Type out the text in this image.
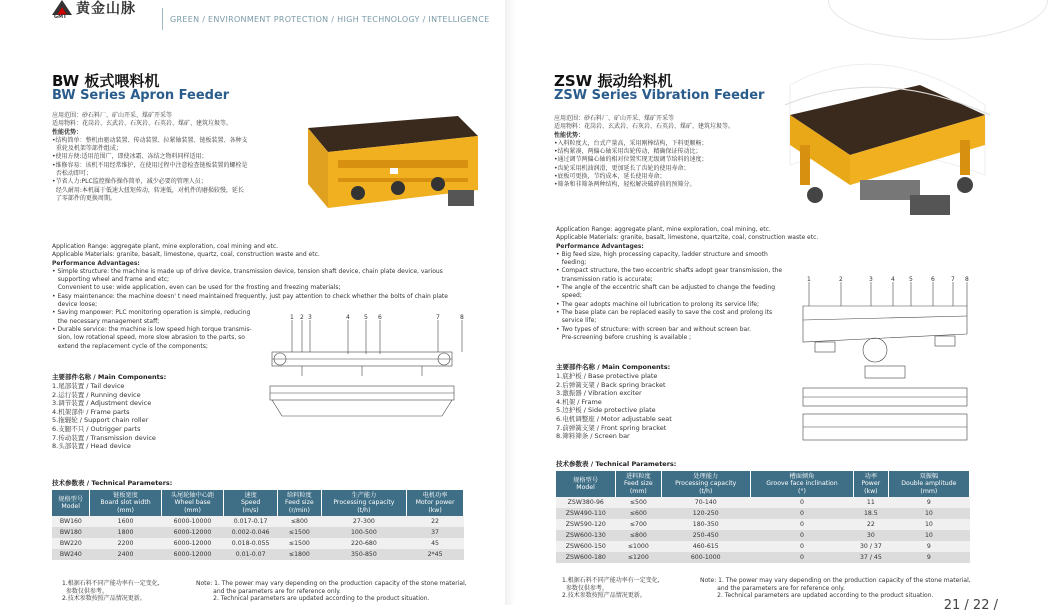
黄金山脉
GMT	GREEN / ENVIRONMENT PROTECTION / HIGH TECHNOLOGY / INTELLIGENCE
BW 板式喂料机
BW Series Apron Feeder
应用范围：砂石料厂、矿山开采、煤矿开采等
适用物料：花岗岩、玄武岩、石灰岩、石英岩、煤矿、建筑垃圾等。
性能优势：
•结构简单：整机由驱动装置、传动装置、拉紧轴装置、链板装置、各种支
重轮及机架等部件组成；
•使用方便:适用范围广，即使冰霜、冻结之物料同样适用；
•维修容易：该机不用经常维护，在使用过程中注意检查链板装置的螺栓是
否松动即可；
•节省人力:PLC监控操作操作简单，减少必要的管理人员；
经久耐用:本机属于低速大扭矩传动，转速低，对机件的磨损较慢，延长
了零部件的更换周期。
Application Range: aggregate plant, mine exploration, coal mining and etc.
Applicable Materials: granite, basalt, limestone, quartz, coal, construction waste and etc.
Performance Advantages:
• Simple structure: the machine is made up of drive device, transmission device, tension shaft device, chain plate device, various
supporting wheel and frame and etc;
Convenient to use: wide application, even can be used for the frosting and freezing materials;
• Easy maintenance: the machine doesn' t need maintained frequently, just pay attention to check whether the bolts of chain plate
device loose;
• Saving manpower: PLC monitoring operation is simple, reducing
the necessary management staff;
• Durable service: the machine is low speed high torque transmis-
sion, low rotational speed, more slow abrasion to the parts, so
extend the replacement cycle of the components;
1 2 3	4 5 6	7	8
主要部件名称 / Main Components:
1.尾部装置 / Tail device
2.运行装置 / Running device
3.调节装置 / Adjustment device
4.机架部件 / Frame parts
5.拖辊轮 / Support chain roller
6.支腿不只 / Outrigger parts
7.传动装置 / Transmission device
8.头部装置 / Head device
技术参数表 / Technical Parameters:
规格型号
Model	链板宽度
Board slot width
(mm)	头尾轮轴中心距
Wheel base
(mm)	速度
Speed
(m/s)	给料粒度
Feed size
(r/min)	生产能力
Processing capacity
(t/h)	电机功率
Motor power
(kw)
BW160	1600	6000-10000	0.017-0.17	≤800	27-300	22
BW180	1800	6000-12000	0.002-0.046	≤1500	100-500	37
BW220	2200	6000-12000	0.018-0.055	≤1500	220-680	45
BW240	2400	6000-12000	0.01-0.07	≤1800	350-850	2*45
1.根据石料不同产能功率有一定变化,
参数仅供参考。
2.技术参数按照产品情况更新。
Note: 1. The power may vary depending on the production capacity of the stone material,
and the parameters are for reference only.
2. Technical parameters are updated according to the product situation.
ZSW 振动给料机
ZSW Series Vibration Feeder
应用范围：砂石料厂、矿山开采、煤矿开采等
适用物料：花岗岩、玄武岩、石灰岩、石英岩、煤矿、建筑垃圾等。
性能优势：
•入料粒度大，台式产量高，采用刚棒结构，下料更顺畅；
•结构紧凑，两偏心轴采用齿轮传动，精确保证传动比；
•通过调节两偏心轴的相对位置实现无级调节给料的速度；
•齿轮采用机油润滑，更加延长了齿轮的使用寿命；
•底板可更换，节约成本，延长使用寿命；
•筛条和非筛条两种结构，轻松解决破碎前的预筛分。
Application Range: aggregate plant, mine exploration, coal mining, etc.
Applicable Materials: granite, basalt, limestone, quartzite, coal, construction waste etc.
Performance Advantages:
• Big feed size, high processing capacity, ladder structure and smooth
feeding;
• Compact structure, the two eccentric shafts adopt gear transmission, the
transmission ratio is accurate;
• The angle of the eccentric shaft can be adjusted to change the feeding
speed;
• The gear adopts machine oil lubrication to prolong its service life;
• The base plate can be replaced easily to save the cost and prolong its
service life;
• Two types of structure: with screen bar and without screen bar.
Pre-screening before crushing is available ;
1	2	3	4 5	6	7 8
主要部件名称 / Main Components:
1.底护板 / Base protective plate
2.后弹簧支架 / Back spring bracket
3.激振器 / Vibration exciter
4.机架 / Frame
5.边护板 / Side protective plate
6.电机调整座 / Motor adjustable seat
7.前弹簧支架 / Front spring bracket
8.筛料筛条 / Screen bar
技术参数表 / Technical Parameters:
规格型号
Model	进料粒度
Feed size
(mm)	处理能力
Processing capacity
(t/h)	槽面倾角
Groove face inclination
(°)	功率
Power
(kw)	双振幅
Double amplitude
(mm)
ZSW380-96	≤500	70-140	0	11	9
ZSW490-110	≤600	120-250	0	18.5	10
ZSW590-120	≤700	180-350	0	22	10
ZSW600-130	≤800	250-450	0	30	10
ZSW600-150	≤1000	460-615	0	30 / 37	9
ZSW600-180	≤1200	600-1000	0	37 / 45	9
1.根据石料不同产能功率有一定变化,
参数仅供参考。
2.技术参数按照产品情况更新。
Note: 1. The power may vary depending on the production capacity of the stone material,
and the parameters are for reference only.
2. Technical parameters are updated according to the product situation.
21 / 22 /
